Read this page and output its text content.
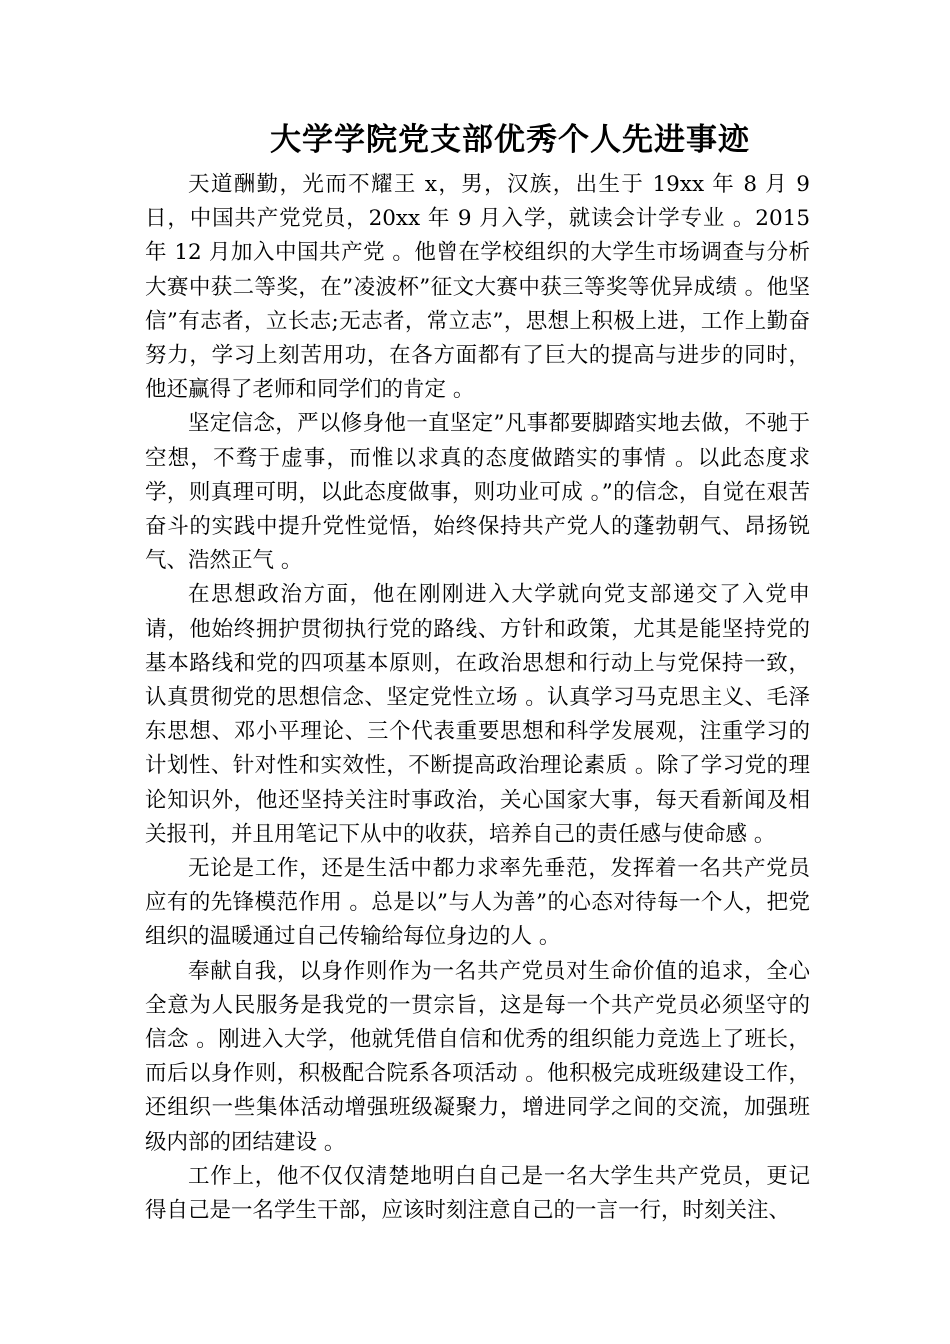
大学学院党支部优秀个人先进事迹

天道酬勤，光而不耀王 x，男，汉族，出生于 19xx 年 8 月 9 日，中国共产党党员，20xx 年 9 月入学，就读会计学专业 。2015 年 12 月加入中国共产党 。他曾在学校组织的大学生市场调查与分析大赛中获二等奖，在”凌波杯”征文大赛中获三等奖等优异成绩 。他坚信”有志者，立长志;无志者，常立志”，思想上积极上进，工作上勤奋努力，学习上刻苦用功，在各方面都有了巨大的提高与进步的同时，他还赢得了老师和同学们的肯定 。

坚定信念，严以修身他一直坚定”凡事都要脚踏实地去做，不驰于空想，不骛于虚事，而惟以求真的态度做踏实的事情 。以此态度求学，则真理可明，以此态度做事，则功业可成 。”的信念，自觉在艰苦奋斗的实践中提升党性觉悟，始终保持共产党人的蓬勃朝气、昂扬锐气、浩然正气 。

在思想政治方面，他在刚刚进入大学就向党支部递交了入党申请，他始终拥护贯彻执行党的路线、方针和政策，尤其是能坚持党的基本路线和党的四项基本原则，在政治思想和行动上与党保持一致，认真贯彻党的思想信念、坚定党性立场 。认真学习马克思主义、毛泽东思想、邓小平理论、三个代表重要思想和科学发展观，注重学习的计划性、针对性和实效性，不断提高政治理论素质 。除了学习党的理论知识外，他还坚持关注时事政治，关心国家大事，每天看新闻及相关报刊，并且用笔记下从中的收获，培养自己的责任感与使命感 。

无论是工作，还是生活中都力求率先垂范，发挥着一名共产党员应有的先锋模范作用 。总是以”与人为善”的心态对待每一个人，把党组织的温暖通过自己传输给每位身边的人 。

奉献自我，以身作则作为一名共产党员对生命价值的追求，全心全意为人民服务是我党的一贯宗旨，这是每一个共产党员必须坚守的信念 。刚进入大学，他就凭借自信和优秀的组织能力竞选上了班长，而后以身作则，积极配合院系各项活动 。他积极完成班级建设工作，还组织一些集体活动增强班级凝聚力，增进同学之间的交流，加强班级内部的团结建设 。

工作上，他不仅仅清楚地明白自己是一名大学生共产党员，更记得自己是一名学生干部，应该时刻注意自己的一言一行，时刻关注、
